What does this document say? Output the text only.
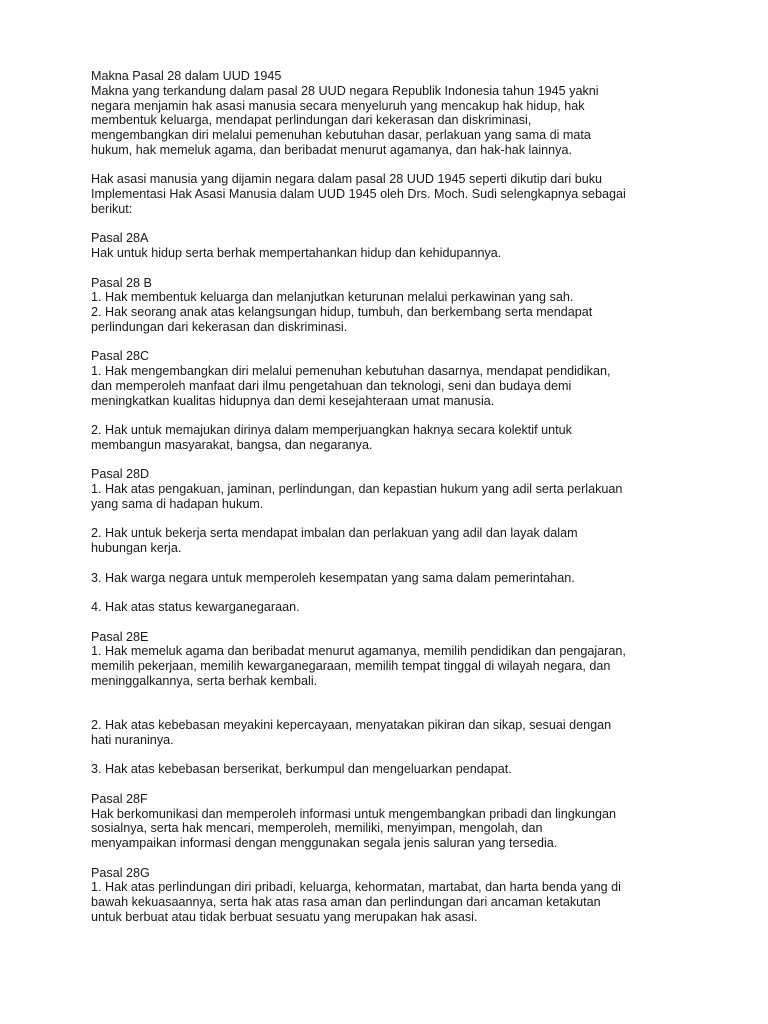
Makna Pasal 28 dalam UUD 1945
Makna yang terkandung dalam pasal 28 UUD negara Republik Indonesia tahun 1945 yakni
negara menjamin hak asasi manusia secara menyeluruh yang mencakup hak hidup, hak
membentuk keluarga, mendapat perlindungan dari kekerasan dan diskriminasi,
mengembangkan diri melalui pemenuhan kebutuhan dasar, perlakuan yang sama di mata
hukum, hak memeluk agama, dan beribadat menurut agamanya, dan hak-hak lainnya.
Hak asasi manusia yang dijamin negara dalam pasal 28 UUD 1945 seperti dikutip dari buku
Implementasi Hak Asasi Manusia dalam UUD 1945 oleh Drs. Moch. Sudi selengkapnya sebagai
berikut:
Pasal 28A
Hak untuk hidup serta berhak mempertahankan hidup dan kehidupannya.
Pasal 28 B
1. Hak membentuk keluarga dan melanjutkan keturunan melalui perkawinan yang sah.
2. Hak seorang anak atas kelangsungan hidup, tumbuh, dan berkembang serta mendapat
perlindungan dari kekerasan dan diskriminasi.
Pasal 28C
1. Hak mengembangkan diri melalui pemenuhan kebutuhan dasarnya, mendapat pendidikan,
dan memperoleh manfaat dari ilmu pengetahuan dan teknologi, seni dan budaya demi
meningkatkan kualitas hidupnya dan demi kesejahteraan umat manusia.
2. Hak untuk memajukan dirinya dalam memperjuangkan haknya secara kolektif untuk
membangun masyarakat, bangsa, dan negaranya.
Pasal 28D
1. Hak atas pengakuan, jaminan, perlindungan, dan kepastian hukum yang adil serta perlakuan
yang sama di hadapan hukum.
2. Hak untuk bekerja serta mendapat imbalan dan perlakuan yang adil dan layak dalam
hubungan kerja.
3. Hak warga negara untuk memperoleh kesempatan yang sama dalam pemerintahan.
4. Hak atas status kewarganegaraan.
Pasal 28E
1. Hak memeluk agama dan beribadat menurut agamanya, memilih pendidikan dan pengajaran,
memilih pekerjaan, memilih kewarganegaraan, memilih tempat tinggal di wilayah negara, dan
meninggalkannya, serta berhak kembali.
2. Hak atas kebebasan meyakini kepercayaan, menyatakan pikiran dan sikap, sesuai dengan
hati nuraninya.
3. Hak atas kebebasan berserikat, berkumpul dan mengeluarkan pendapat.
Pasal 28F
Hak berkomunikasi dan memperoleh informasi untuk mengembangkan pribadi dan lingkungan
sosialnya, serta hak mencari, memperoleh, memiliki, menyimpan, mengolah, dan
menyampaikan informasi dengan menggunakan segala jenis saluran yang tersedia.
Pasal 28G
1. Hak atas perlindungan diri pribadi, keluarga, kehormatan, martabat, dan harta benda yang di
bawah kekuasaannya, serta hak atas rasa aman dan perlindungan dari ancaman ketakutan
untuk berbuat atau tidak berbuat sesuatu yang merupakan hak asasi.
